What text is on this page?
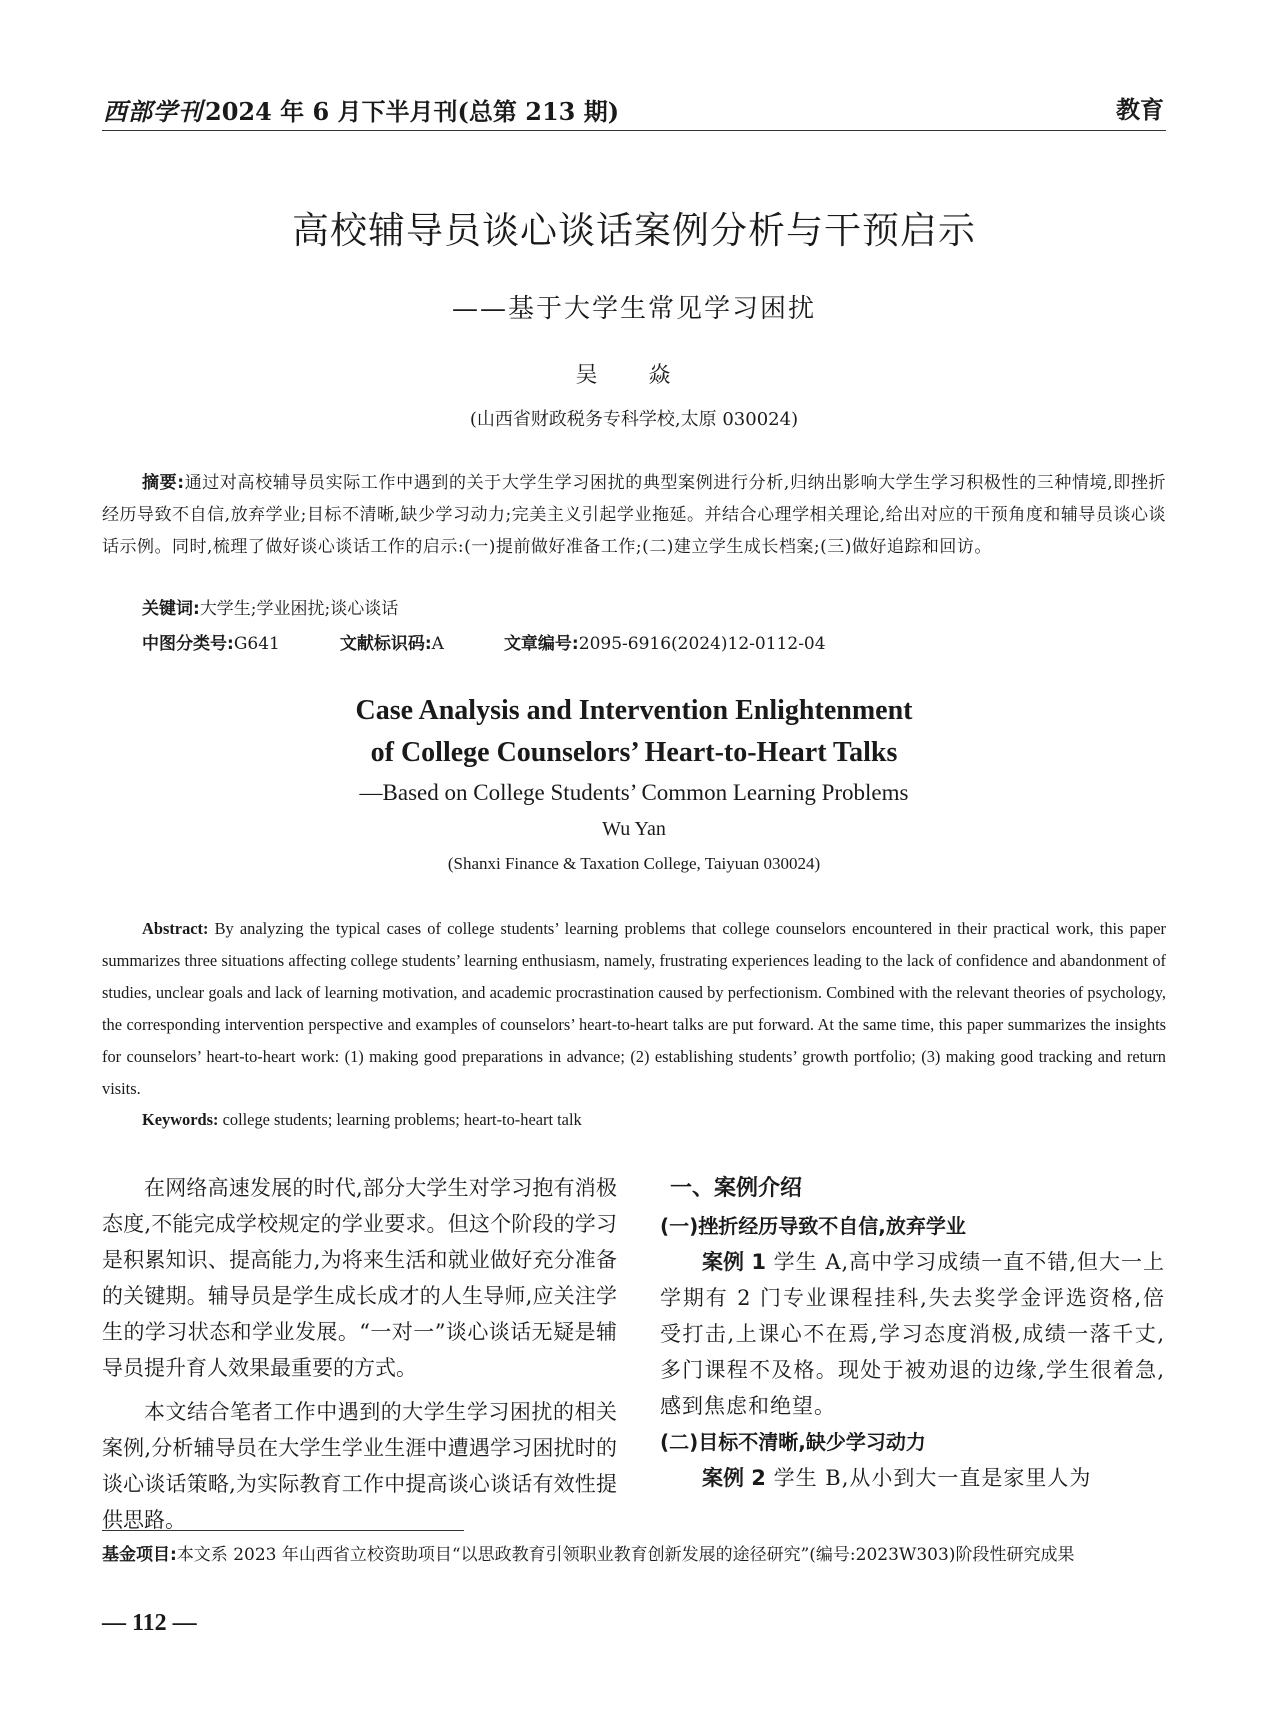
西部学刊2024 年 6 月下半月刊(总第 213 期)	教育
高校辅导员谈心谈话案例分析与干预启示
——基于大学生常见学习困扰
吴 焱
(山西省财政税务专科学校,太原 030024)
摘要:通过对高校辅导员实际工作中遇到的关于大学生学习困扰的典型案例进行分析,归纳出影响大学生学习积极性的三种情境,即挫折经历导致不自信,放弃学业;目标不清晰,缺少学习动力;完美主义引起学业拖延。并结合心理学相关理论,给出对应的干预角度和辅导员谈心谈话示例。同时,梳理了做好谈心谈话工作的启示:(一)提前做好准备工作;(二)建立学生成长档案;(三)做好追踪和回访。
关键词:大学生;学业困扰;谈心谈话
中图分类号:G641	文献标识码:A	文章编号:2095-6916(2024)12-0112-04
Case Analysis and Intervention Enlightenment
of College Counselors’ Heart-to-Heart Talks
—Based on College Students’ Common Learning Problems
Wu Yan
(Shanxi Finance & Taxation College, Taiyuan 030024)
Abstract: By analyzing the typical cases of college students’ learning problems that college counselors encountered in their practical work, this paper summarizes three situations affecting college students’ learning enthusiasm, namely, frustrating experiences leading to the lack of confidence and abandonment of studies, unclear goals and lack of learning motivation, and academic procrastination caused by perfectionism. Combined with the relevant theories of psychology, the corresponding intervention perspective and examples of counselors’ heart-to-heart talks are put forward. At the same time, this paper summarizes the insights for counselors’ heart-to-heart work: (1) making good preparations in advance; (2) establishing students’ growth portfolio; (3) making good tracking and return visits.
Keywords: college students; learning problems; heart-to-heart talk

在网络高速发展的时代,部分大学生对学习抱有消极态度,不能完成学校规定的学业要求。但这个阶段的学习是积累知识、提高能力,为将来生活和就业做好充分准备的关键期。辅导员是学生成长成才的人生导师,应关注学生的学习状态和学业发展。“一对一”谈心谈话无疑是辅导员提升育人效果最重要的方式。

本文结合笔者工作中遇到的大学生学习困扰的相关案例,分析辅导员在大学生学业生涯中遭遇学习困扰时的谈心谈话策略,为实际教育工作中提高谈心谈话有效性提供思路。

一、案例介绍
(一)挫折经历导致不自信,放弃学业

案例 1 学生 A,高中学习成绩一直不错,但大一上学期有 2 门专业课程挂科,失去奖学金评选资格,倍受打击,上课心不在焉,学习态度消极,成绩一落千丈,多门课程不及格。现处于被劝退的边缘,学生很着急,感到焦虑和绝望。

(二)目标不清晰,缺少学习动力

案例 2 学生 B,从小到大一直是家里人为

基金项目:本文系 2023 年山西省立校资助项目“以思政教育引领职业教育创新发展的途径研究”(编号:2023W303)阶段性研究成果
— 112 —
